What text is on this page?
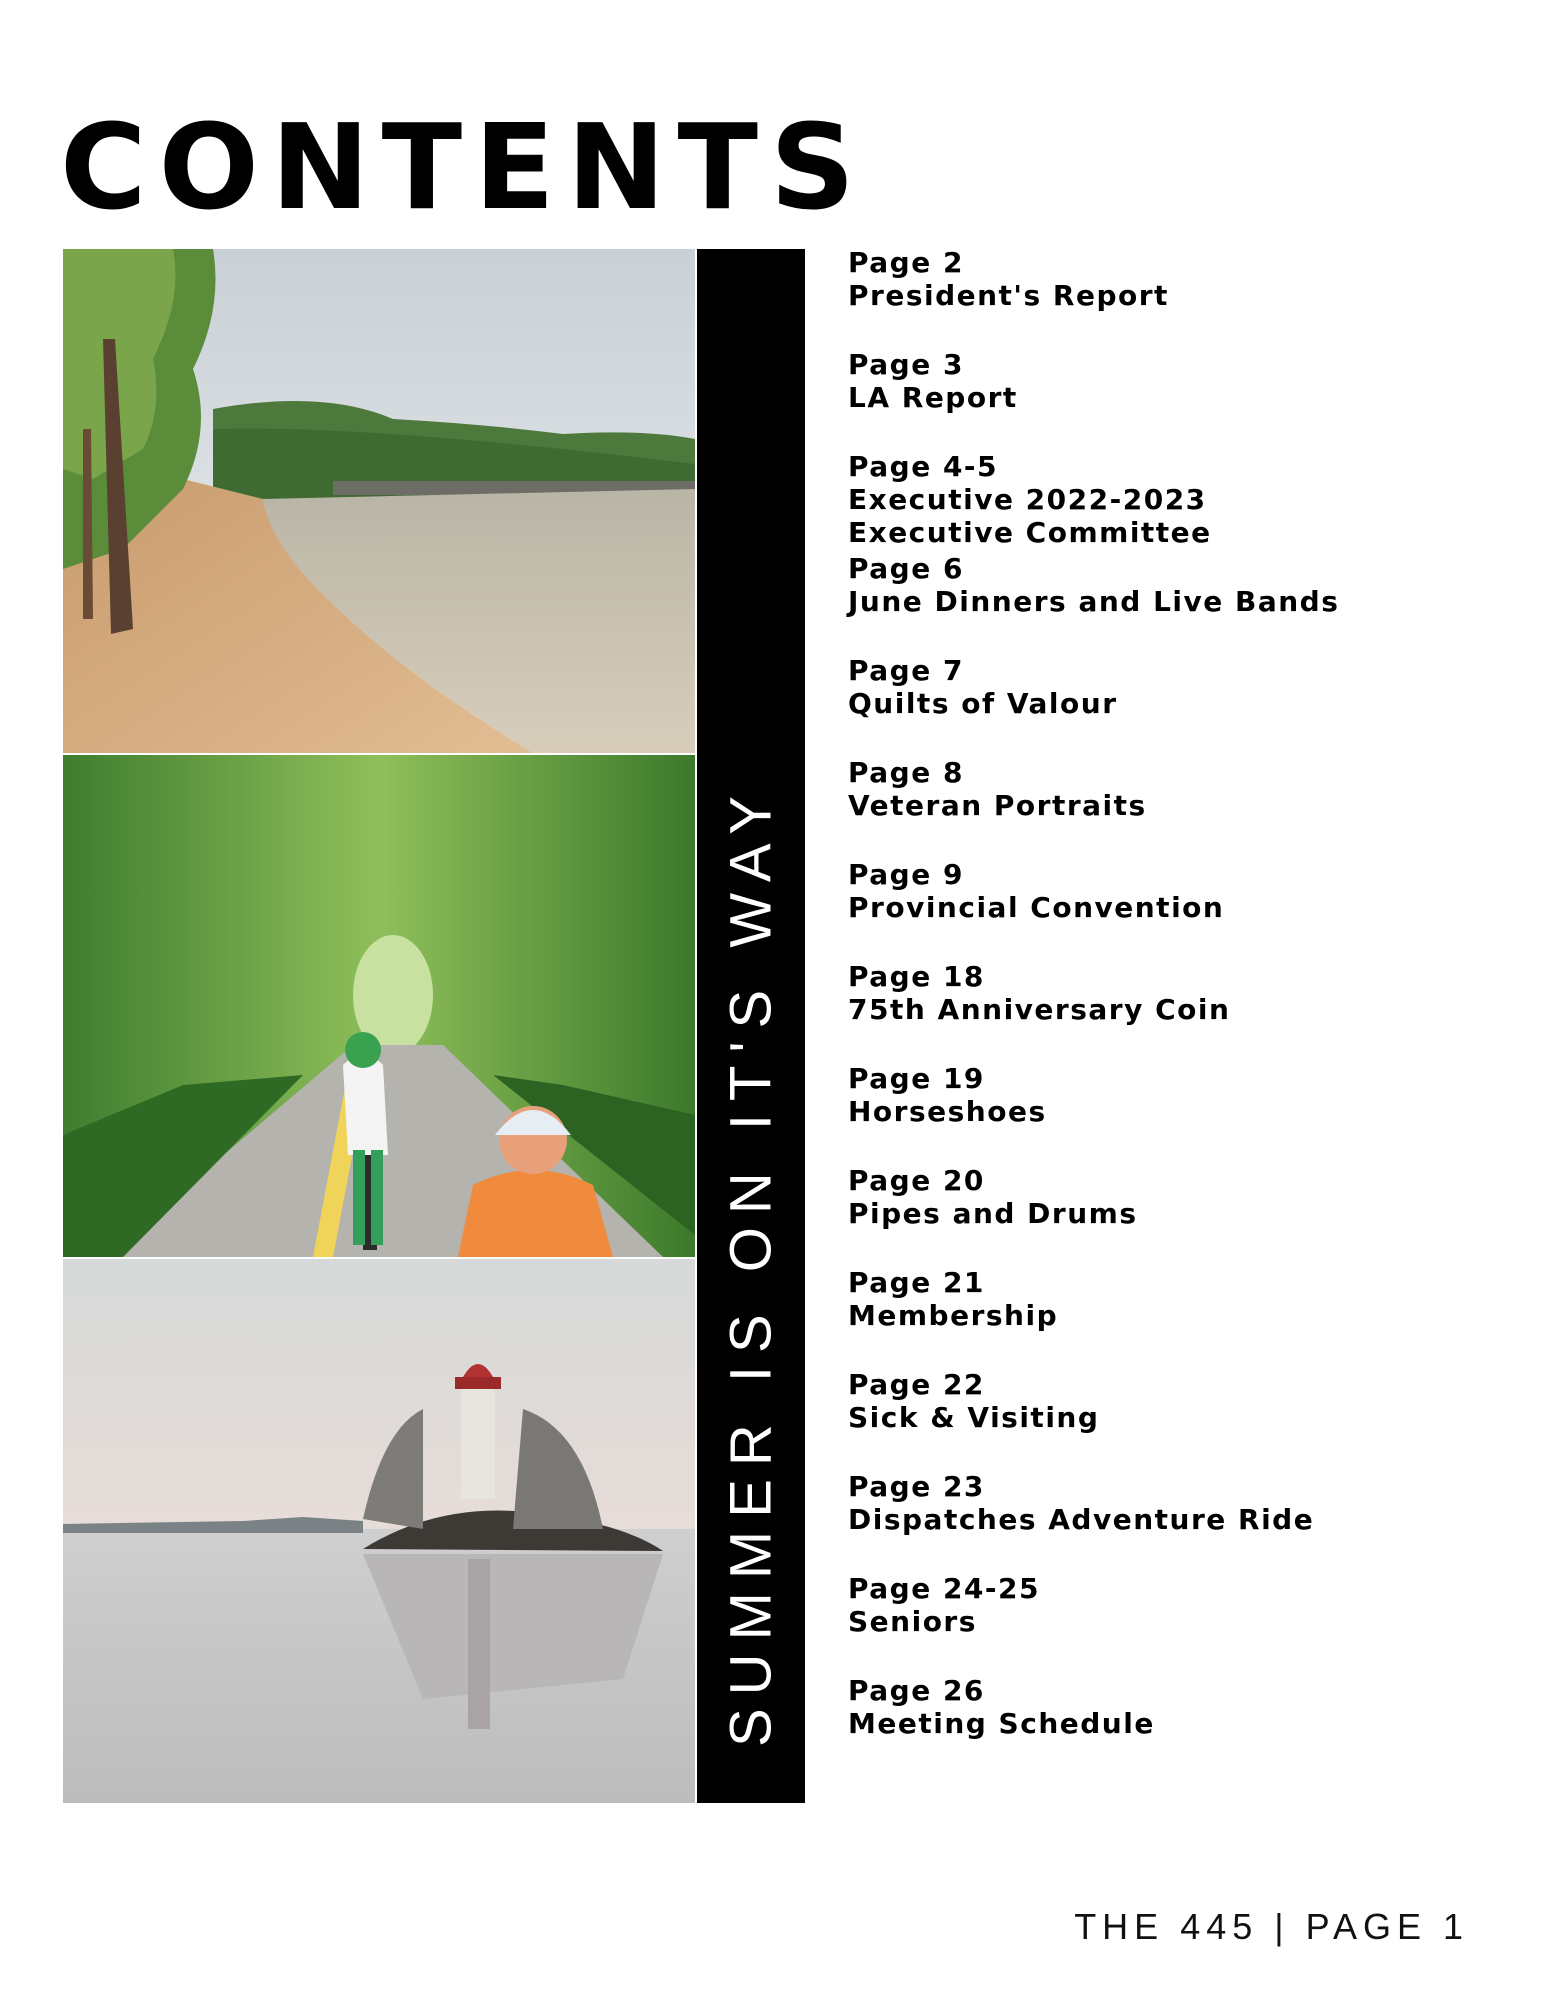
CONTENTS
SUMMER IS ON IT'S WAY
Page 2
President's Report
Page 3
LA Report
Page 4-5
Executive 2022-2023
Executive Committee
Page 6
June Dinners and Live Bands
Page 7
Quilts of Valour
Page 8
Veteran Portraits
Page 9
Provincial Convention
Page 18
75th Anniversary Coin
Page 19
Horseshoes
Page 20
Pipes and Drums
Page 21
Membership
Page 22
Sick & Visiting
Page 23
Dispatches Adventure Ride
Page 24-25
Seniors
Page 26
Meeting Schedule
THE 445 | PAGE 1
